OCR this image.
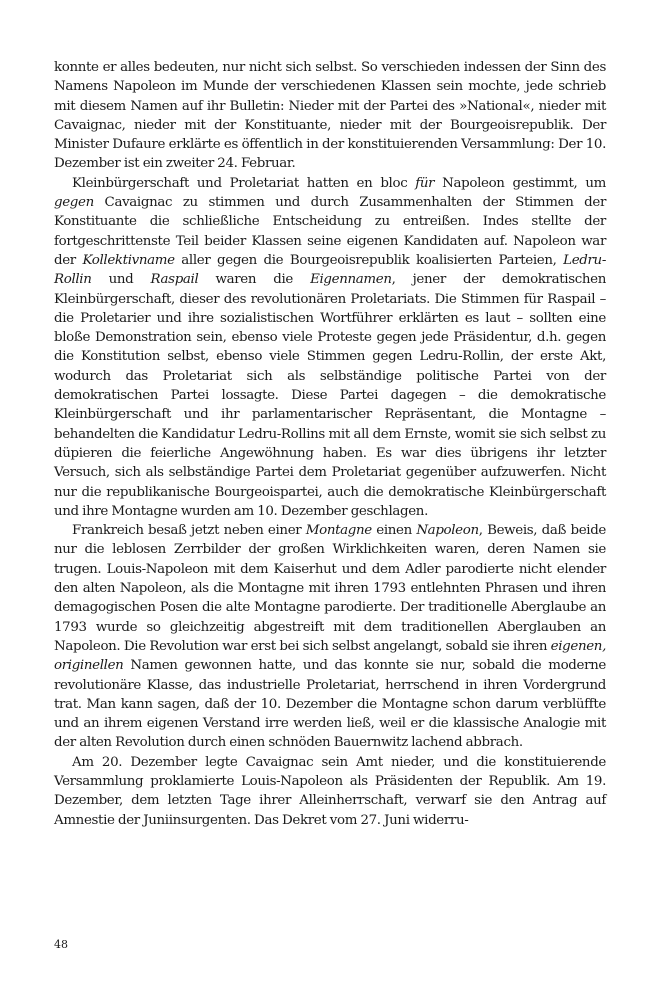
konnte er alles bedeuten, nur nicht sich selbst. So verschieden indessen der Sinn des Namens Napoleon im Munde der verschiedenen Klassen sein mochte, jede schrieb mit diesem Namen auf ihr Bulletin: Nieder mit der Partei des »National«, nieder mit Cavaignac, nieder mit der Konstituante, nieder mit der Bourgeoisrepublik. Der Minister Dufaure erklärte es öffentlich in der konstituierenden Versammlung: Der 10. Dezember ist ein zweiter 24. Februar.

Kleinbürgerschaft und Proletariat hatten en bloc für Napoleon gestimmt, um gegen Cavaignac zu stimmen und durch Zusammenhalten der Stimmen der Konstituante die schließliche Entscheidung zu entreißen. Indes stellte der fortgeschrittenste Teil beider Klassen seine eigenen Kandidaten auf. Napoleon war der Kollektivname aller gegen die Bourgeoisrepublik koalisierten Parteien, Ledru-Rollin und Raspail waren die Eigennamen, jener der demokratischen Kleinbürgerschaft, dieser des revolutionären Proletariats. Die Stimmen für Raspail – die Proletarier und ihre sozialistischen Wortführer erklärten es laut – sollten eine bloße Demonstration sein, ebenso viele Proteste gegen jede Präsidentur, d.h. gegen die Konstitution selbst, ebenso viele Stimmen gegen Ledru-Rollin, der erste Akt, wodurch das Proletariat sich als selbständige politische Partei von der demokratischen Partei lossagte. Diese Partei dagegen – die demokratische Kleinbürgerschaft und ihr parlamentarischer Repräsentant, die Montagne – behandelten die Kandidatur Ledru-Rollins mit all dem Ernste, womit sie sich selbst zu düpieren die feierliche Angewöhnung haben. Es war dies übrigens ihr letzter Versuch, sich als selbständige Partei dem Proletariat gegenüber aufzuwerfen. Nicht nur die republikanische Bourgeoispartei, auch die demokratische Kleinbürgerschaft und ihre Montagne wurden am 10. Dezember geschlagen.

Frankreich besaß jetzt neben einer Montagne einen Napoleon, Beweis, daß beide nur die leblosen Zerrbilder der großen Wirklichkeiten waren, deren Namen sie trugen. Louis-Napoleon mit dem Kaiserhut und dem Adler parodierte nicht elender den alten Napoleon, als die Montagne mit ihren 1793 entlehnten Phrasen und ihren demagogischen Posen die alte Montagne parodierte. Der traditionelle Aberglaube an 1793 wurde so gleichzeitig abgestreift mit dem traditionellen Aberglauben an Napoleon. Die Revolution war erst bei sich selbst angelangt, sobald sie ihren eigenen, originellen Namen gewonnen hatte, und das konnte sie nur, sobald die moderne revolutionäre Klasse, das industrielle Proletariat, herrschend in ihren Vordergrund trat. Man kann sagen, daß der 10. Dezember die Montagne schon darum verblüffte und an ihrem eigenen Verstand irre werden ließ, weil er die klassische Analogie mit der alten Revolution durch einen schnöden Bauernwitz lachend abbrach.

Am 20. Dezember legte Cavaignac sein Amt nieder, und die konstituierende Versammlung proklamierte Louis-Napoleon als Präsidenten der Republik. Am 19. Dezember, dem letzten Tage ihrer Alleinherrschaft, verwarf sie den Antrag auf Amnestie der Juniinsurgenten. Das Dekret vom 27. Juni widerru-

48
